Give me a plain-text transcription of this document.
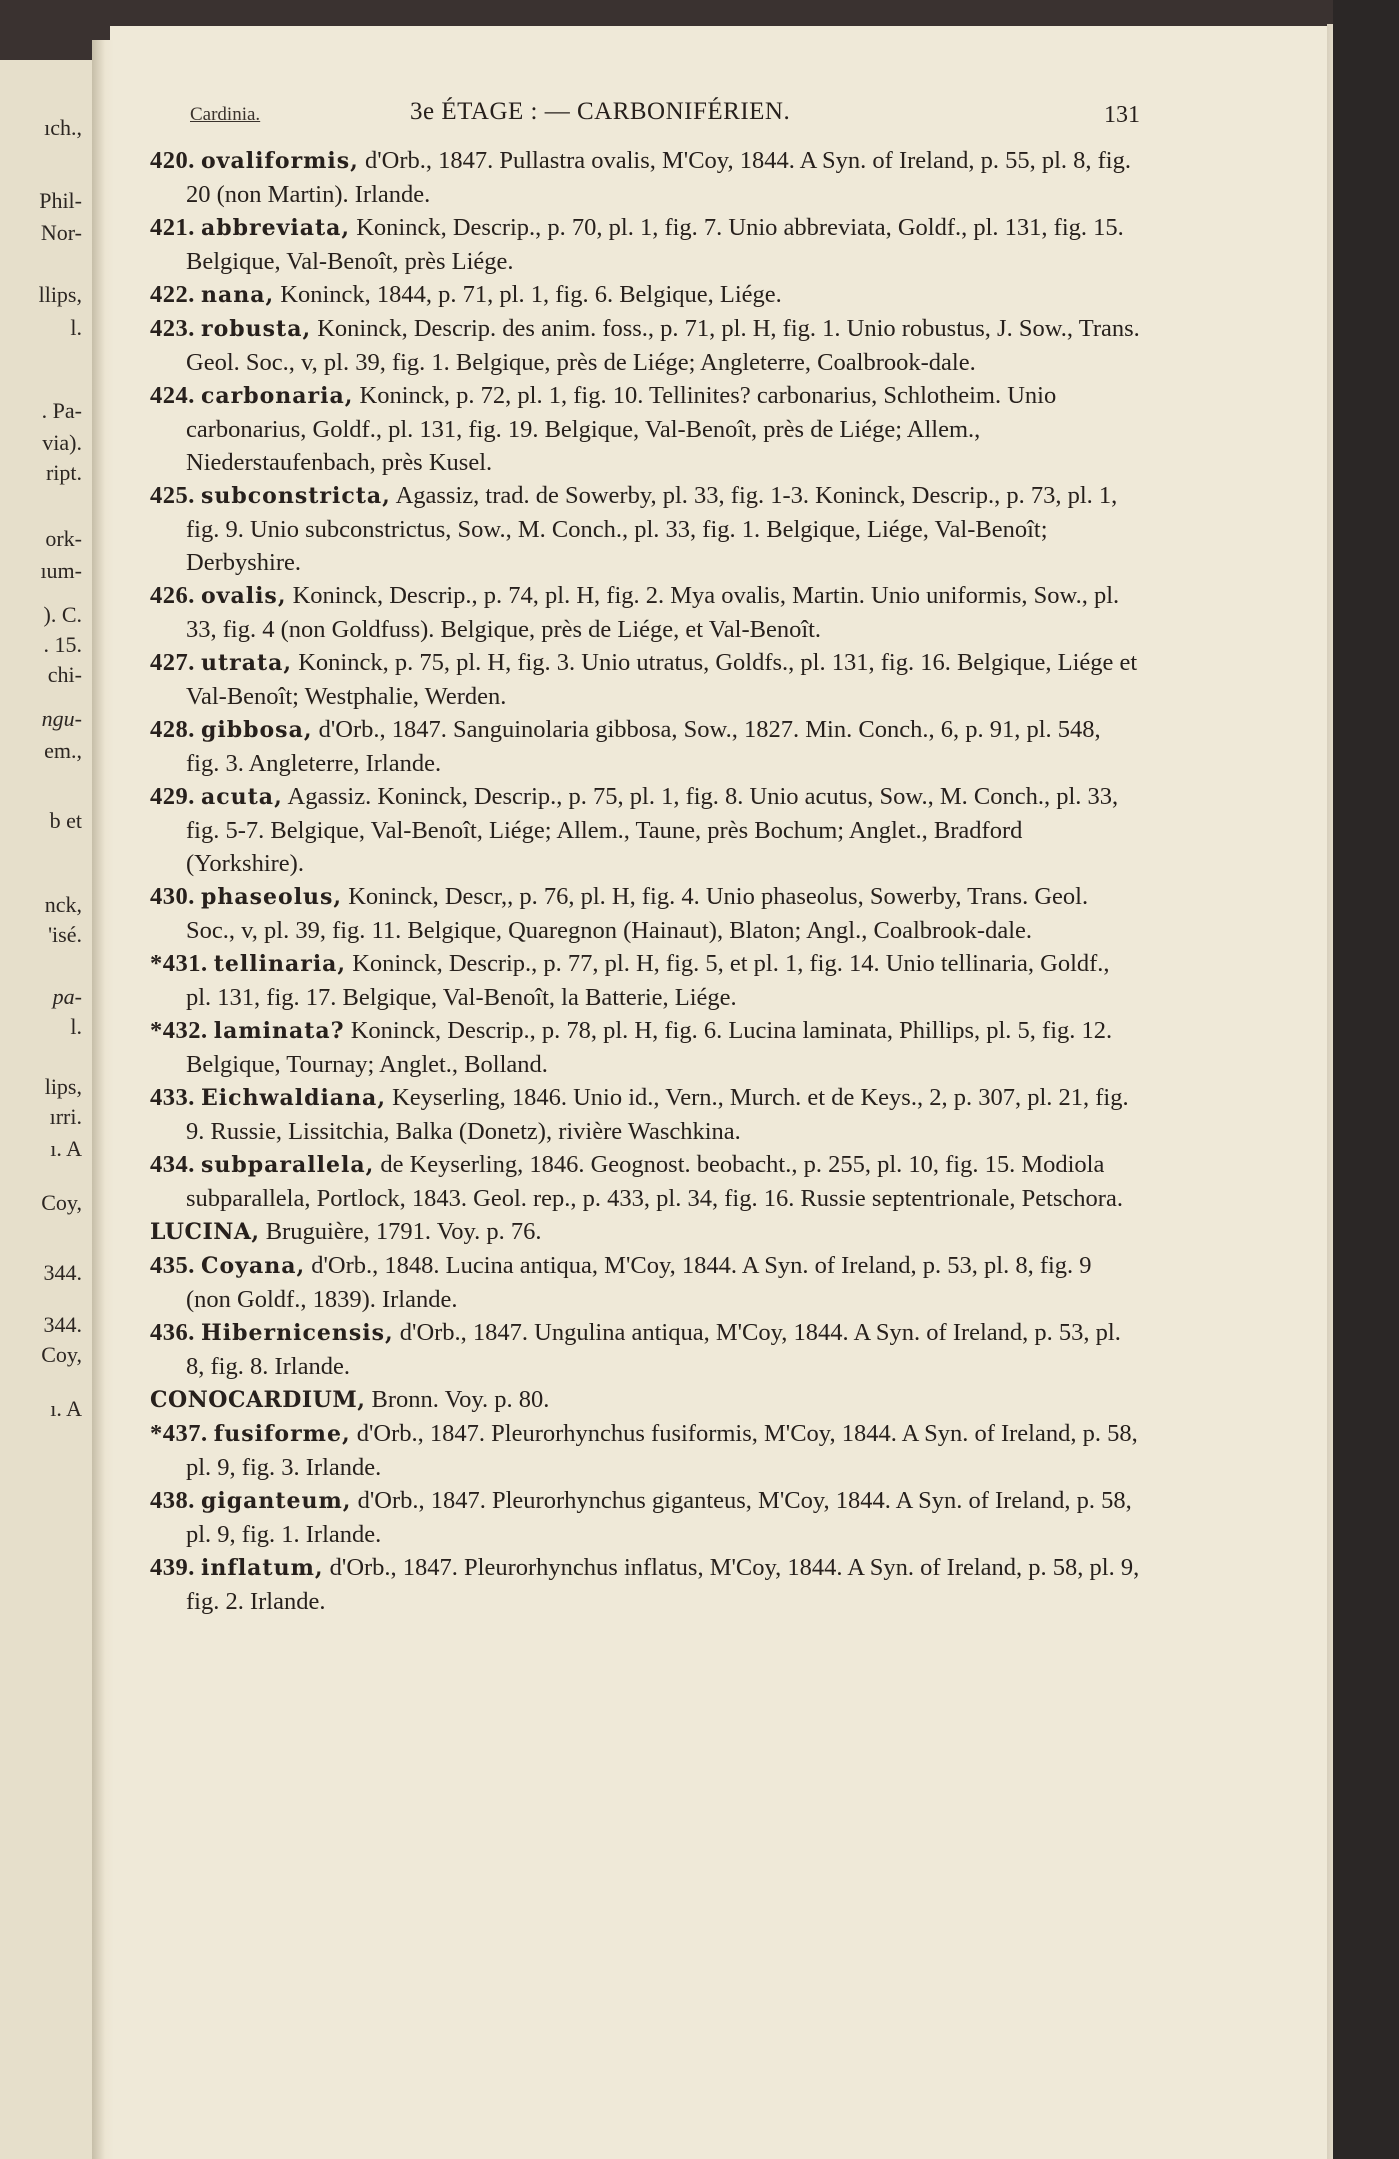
ıch.,
Phil-
Nor-
llips,
l.
. Pa-
via).
ript.
ork-
ıum-
). C.
. 15.
chi-
ngu-
em.,
b et
nck,
'isé.
pa-
l.
lips,
ırri.
ı. A
Coy,
344.
344.
Coy,
ı. A
Cardinia.	3e ÉTAGE : — CARBONIFÉRIEN.	131

420. ovaliformis, d'Orb., 1847. Pullastra ovalis, M'Coy, 1844. A Syn. of Ireland, p. 55, pl. 8, fig. 20 (non Martin). Irlande.

421. abbreviata, Koninck, Descrip., p. 70, pl. 1, fig. 7. Unio abbreviata, Goldf., pl. 131, fig. 15. Belgique, Val-Benoît, près Liége.

422. nana, Koninck, 1844, p. 71, pl. 1, fig. 6. Belgique, Liége.

423. robusta, Koninck, Descrip. des anim. foss., p. 71, pl. H, fig. 1. Unio robustus, J. Sow., Trans. Geol. Soc., v, pl. 39, fig. 1. Belgique, près de Liége; Angleterre, Coalbrook-dale.

424. carbonaria, Koninck, p. 72, pl. 1, fig. 10. Tellinites? carbonarius, Schlotheim. Unio carbonarius, Goldf., pl. 131, fig. 19. Belgique, Val-Benoît, près de Liége; Allem., Niederstaufenbach, près Kusel.

425. subconstricta, Agassiz, trad. de Sowerby, pl. 33, fig. 1-3. Koninck, Descrip., p. 73, pl. 1, fig. 9. Unio subconstrictus, Sow., M. Conch., pl. 33, fig. 1. Belgique, Liége, Val-Benoît; Derbyshire.

426. ovalis, Koninck, Descrip., p. 74, pl. H, fig. 2. Mya ovalis, Martin. Unio uniformis, Sow., pl. 33, fig. 4 (non Goldfuss). Belgique, près de Liége, et Val-Benoît.

427. utrata, Koninck, p. 75, pl. H, fig. 3. Unio utratus, Goldfs., pl. 131, fig. 16. Belgique, Liége et Val-Benoît; Westphalie, Werden.

428. gibbosa, d'Orb., 1847. Sanguinolaria gibbosa, Sow., 1827. Min. Conch., 6, p. 91, pl. 548, fig. 3. Angleterre, Irlande.

429. acuta, Agassiz. Koninck, Descrip., p. 75, pl. 1, fig. 8. Unio acutus, Sow., M. Conch., pl. 33, fig. 5-7. Belgique, Val-Benoît, Liége; Allem., Taune, près Bochum; Anglet., Bradford (Yorkshire).

430. phaseolus, Koninck, Descr,, p. 76, pl. H, fig. 4. Unio phaseolus, Sowerby, Trans. Geol. Soc., v, pl. 39, fig. 11. Belgique, Quaregnon (Hainaut), Blaton; Angl., Coalbrook-dale.

*431. tellinaria, Koninck, Descrip., p. 77, pl. H, fig. 5, et pl. 1, fig. 14. Unio tellinaria, Goldf., pl. 131, fig. 17. Belgique, Val-Benoît, la Batterie, Liége.

*432. laminata? Koninck, Descrip., p. 78, pl. H, fig. 6. Lucina laminata, Phillips, pl. 5, fig. 12. Belgique, Tournay; Anglet., Bolland.

433. Eichwaldiana, Keyserling, 1846. Unio id., Vern., Murch. et de Keys., 2, p. 307, pl. 21, fig. 9. Russie, Lissitchia, Balka (Donetz), rivière Waschkina.

434. subparallela, de Keyserling, 1846. Geognost. beobacht., p. 255, pl. 10, fig. 15. Modiola subparallela, Portlock, 1843. Geol. rep., p. 433, pl. 34, fig. 16. Russie septentrionale, Petschora.

LUCINA, Bruguière, 1791. Voy. p. 76.

435. Coyana, d'Orb., 1848. Lucina antiqua, M'Coy, 1844. A Syn. of Ireland, p. 53, pl. 8, fig. 9 (non Goldf., 1839). Irlande.

436. Hibernicensis, d'Orb., 1847. Ungulina antiqua, M'Coy, 1844. A Syn. of Ireland, p. 53, pl. 8, fig. 8. Irlande.

CONOCARDIUM, Bronn. Voy. p. 80.

*437. fusiforme, d'Orb., 1847. Pleurorhynchus fusiformis, M'Coy, 1844. A Syn. of Ireland, p. 58, pl. 9, fig. 3. Irlande.

438. giganteum, d'Orb., 1847. Pleurorhynchus giganteus, M'Coy, 1844. A Syn. of Ireland, p. 58, pl. 9, fig. 1. Irlande.

439. inflatum, d'Orb., 1847. Pleurorhynchus inflatus, M'Coy, 1844. A Syn. of Ireland, p. 58, pl. 9, fig. 2. Irlande.
